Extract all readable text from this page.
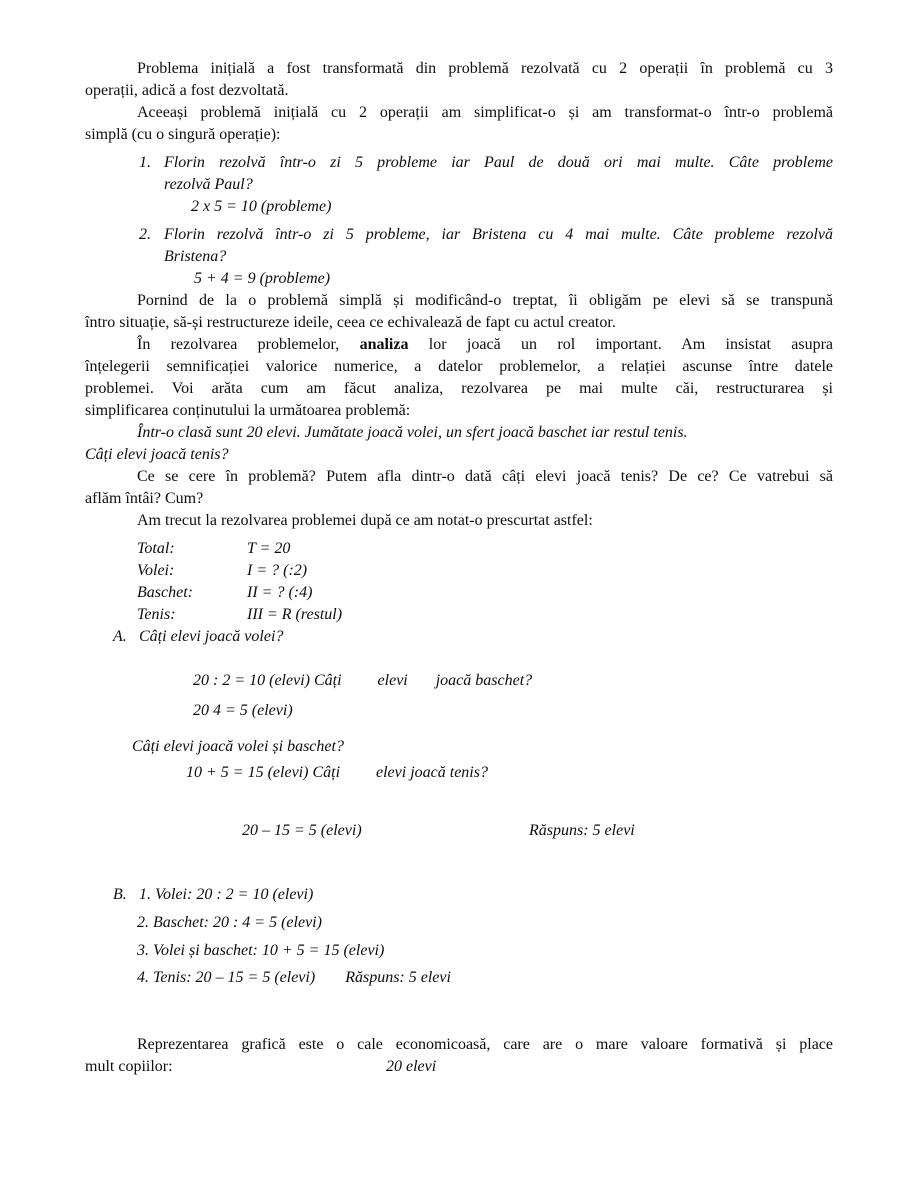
Problema inițială a fost transformată din problemă rezolvată cu 2 operații în problemă cu 3
operații, adică a fost dezvoltată.
Aceeași problemă inițială cu 2 operații am simplificat-o și am transformat-o într-o problemă
simplă (cu o singură operație):
1. Florin rezolvă într-o zi 5 probleme iar Paul de două ori mai multe. Câte probleme
rezolvă Paul?
2 x 5 = 10 (probleme)
2. Florin rezolvă într-o zi 5 probleme, iar Bristena cu 4 mai multe. Câte probleme rezolvă
Bristena?
5 + 4 = 9 (probleme)
Pornind de la o problemă simplă și modificând-o treptat, îi obligăm pe elevi să se transpună
întro situație, să-și restructureze ideile, ceea ce echivalează de fapt cu actul creator.
În rezolvarea problemelor, analiza lor joacă un rol important. Am insistat asupra
înțelegerii semnificației valorice numerice, a datelor problemelor, a relației ascunse între datele
problemei. Voi arăta cum am făcut analiza, rezolvarea pe mai multe căi, restructurarea și
simplificarea conținutului la următoarea problemă:
Într-o clasă sunt 20 elevi. Jumătate joacă volei, un sfert joacă baschet iar restul tenis.
Câți elevi joacă tenis?
Ce se cere în problemă? Putem afla dintr-o dată câți elevi joacă tenis? De ce? Ce vatrebui să
aflăm întâi? Cum?
Am trecut la rezolvarea problemei după ce am notat-o prescurtat astfel:
Total:	T = 20
Volei:	I = ? (:2)
Baschet:	II = ? (:4)
Tenis:	III = R (restul)
A. Câți elevi joacă volei?
20 : 2 = 10 (elevi) Câți         elevi       joacă baschet?
20 4 = 5 (elevi)
Câți elevi joacă volei și baschet?
10 + 5 = 15 (elevi) Câți         elevi joacă tenis?
20 – 15 = 5 (elevi)	Răspuns: 5 elevi
B. 1. Volei: 20 : 2 = 10 (elevi)
2. Baschet: 20 : 4 = 5 (elevi)
3. Volei și baschet: 10 + 5 = 15 (elevi)
4. Tenis: 20 – 15 = 5 (elevi) Răspuns: 5 elevi
Reprezentarea grafică este o cale economicoasă, care are o mare valoare formativă și place
mult copiilor:	20 elevi
